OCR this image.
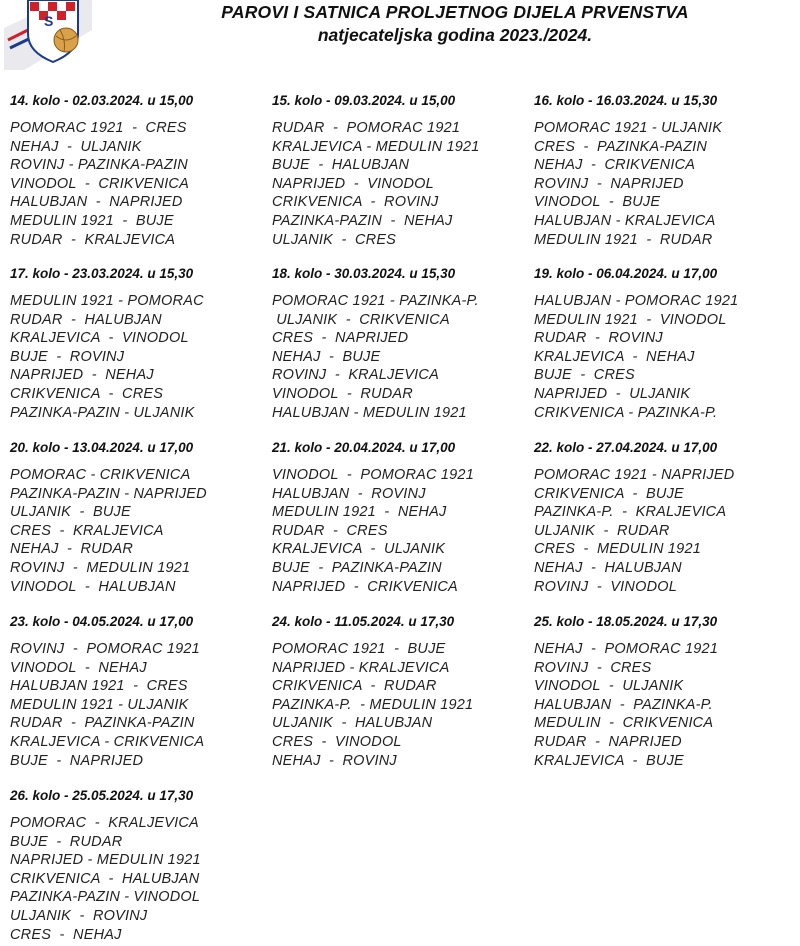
S	PAROVI I SATNICA PROLJETNOG DIJELA PRVENSTVA
natjecateljska godina 2023./2024.
14. kolo - 02.03.2024. u 15,00
POMORAC 1921  -  CRES
NEHAJ  -  ULJANIK
ROVINJ - PAZINKA-PAZIN
VINODOL  -  CRIKVENICA
HALUBJAN  -  NAPRIJED
MEDULIN 1921  -  BUJE
RUDAR  -  KRALJEVICA
15. kolo - 09.03.2024. u 15,00
RUDAR  -  POMORAC 1921
KRALJEVICA - MEDULIN 1921
BUJE  -  HALUBJAN
NAPRIJED  -  VINODOL
CRIKVENICA  -  ROVINJ
PAZINKA-PAZIN  -  NEHAJ
ULJANIK  -  CRES
16. kolo - 16.03.2024. u 15,30
POMORAC 1921 - ULJANIK
CRES  -  PAZINKA-PAZIN
NEHAJ  -  CRIKVENICA
ROVINJ  -  NAPRIJED
VINODOL  -  BUJE
HALUBJAN - KRALJEVICA
MEDULIN 1921  -  RUDAR
17. kolo - 23.03.2024. u 15,30
MEDULIN 1921 - POMORAC
RUDAR  -  HALUBJAN
KRALJEVICA  -  VINODOL
BUJE  -  ROVINJ
NAPRIJED  -  NEHAJ
CRIKVENICA  -  CRES
PAZINKA-PAZIN - ULJANIK
18. kolo - 30.03.2024. u 15,30
POMORAC 1921 - PAZINKA-P.
ULJANIK  -  CRIKVENICA
CRES  -  NAPRIJED
NEHAJ  -  BUJE
ROVINJ  -  KRALJEVICA
VINODOL  -  RUDAR
HALUBJAN - MEDULIN 1921
19. kolo - 06.04.2024. u 17,00
HALUBJAN - POMORAC 1921
MEDULIN 1921  -  VINODOL
RUDAR  -  ROVINJ
KRALJEVICA  -  NEHAJ
BUJE  -  CRES
NAPRIJED  -  ULJANIK
CRIKVENICA - PAZINKA-P.
20. kolo - 13.04.2024. u 17,00
POMORAC - CRIKVENICA
PAZINKA-PAZIN - NAPRIJED
ULJANIK  -  BUJE
CRES  -  KRALJEVICA
NEHAJ  -  RUDAR
ROVINJ  -  MEDULIN 1921
VINODOL  -  HALUBJAN
21. kolo - 20.04.2024. u 17,00
VINODOL  -  POMORAC 1921
HALUBJAN  -  ROVINJ
MEDULIN 1921  -  NEHAJ
RUDAR  -  CRES
KRALJEVICA  -  ULJANIK
BUJE  -  PAZINKA-PAZIN
NAPRIJED  -  CRIKVENICA
22. kolo - 27.04.2024. u 17,00
POMORAC 1921 - NAPRIJED
CRIKVENICA  -  BUJE
PAZINKA-P.  -  KRALJEVICA
ULJANIK  -  RUDAR
CRES  -  MEDULIN 1921
NEHAJ  -  HALUBJAN
ROVINJ  -  VINODOL
23. kolo - 04.05.2024. u 17,00
ROVINJ  -  POMORAC 1921
VINODOL  -  NEHAJ
HALUBJAN 1921  -  CRES
MEDULIN 1921 - ULJANIK
RUDAR  -  PAZINKA-PAZIN
KRALJEVICA - CRIKVENICA
BUJE  -  NAPRIJED
24. kolo - 11.05.2024. u 17,30
POMORAC 1921  -  BUJE
NAPRIJED - KRALJEVICA
CRIKVENICA  -  RUDAR
PAZINKA-P.  - MEDULIN 1921
ULJANIK  -  HALUBJAN
CRES  -  VINODOL
NEHAJ  -  ROVINJ
25. kolo - 18.05.2024. u 17,30
NEHAJ  -  POMORAC 1921
ROVINJ  -  CRES
VINODOL  -  ULJANIK
HALUBJAN  -  PAZINKA-P.
MEDULIN  -  CRIKVENICA
RUDAR  -  NAPRIJED
KRALJEVICA  -  BUJE
26. kolo - 25.05.2024. u 17,30
POMORAC  -  KRALJEVICA
BUJE  -  RUDAR
NAPRIJED - MEDULIN 1921
CRIKVENICA  -  HALUBJAN
PAZINKA-PAZIN - VINODOL
ULJANIK  -  ROVINJ
CRES  -  NEHAJ
